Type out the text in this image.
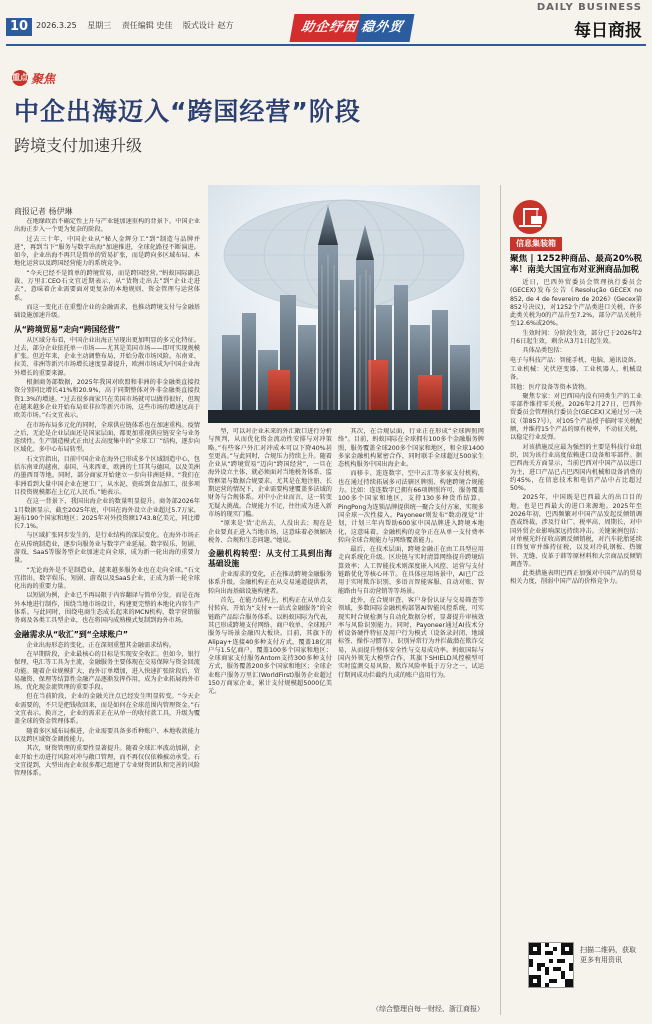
10 2026.3.25 星期三 责任编辑 史佳 版式设计 赵方	助企纾困稳外贸
DAILY BUSINESS
每日商报
重点 聚焦
中企出海迈入“跨国经营”阶段
跨境支付加速升级
商报记者 杨伊琳
信息集装箱

在地缘政治不确定性上升与产业链加速重构的背景下，中国企业出海正步入一个更为复杂的阶段。

过去三十年，中国企业从“秘人金辉分工”到“制造与品牌并进”，再到当下“服务与数字出海”加速推进，全球化路径不断演进。如今，企业出海不再只是简单的贸易扩张，而是跨向多区域布局、本地化运营以及跨国经营能力的系统竞争。

“今天已经不是简单的跨境贸易，而是跨国经营。”蚂蚁国际副总裁、万里汇CEO石文宜近期表示，从“货物走出去”到“企业走进去”，意味着企业需要面对更复杂的本地规则、资金管理与运营体系。

而这一变化正在重塑企业的金融需求，也推动跨境支付与金融基础设施加速升级。

从“跨境贸易”走向“跨国经营”

从区域分布看，中国企业出海正呈现出更加明显的多元化特征。过去，部分企业依托单一市场——尤其是美国市场——即可实现规模扩张。但近年来，企业主动调整布局，开始分散市场风险。东南亚、拉美、非洲等新兴市场增长速度显著提升，欧洲市场成为中国企业海外增长的重要来源。

根据商务部数据，2025年我国对欧盟和非洲的非金融类直接投资分别同比增长41%和20.9%，高于同期整体对外非金融类直接投资1.3%的增速。“过去很多商家只在美国市场就可以做得很好，但现在越来越多企业开始布局亚非拉等新兴市场，这些市场的增速远高于欧美市场。”石文宜表示。

在市场布局多元化的同时，全球供应链体系也在加速重构。疫情之后，无论是企业层面还是国家层面，都更加重视供应链安全与业务连续性。生产制造模式正由过去高度集中的“全球工厂”结构，逐步向区域化、多中心布局转型。

石文宜指出，目前中国企业在海外已形成多个区域制造中心，包括东南亚的越南、泰国、马来西亚，欧洲的土耳其与德国，以及美洲的墨西哥等地。同时，部分商家开始建立一步向非洲延伸。“我们在非洲看到大量中国企业在建工厂，从水泥、瓷砖到食品加工，很多项目投资规模都在上亿元人民币。”她表示。

在这一背景下，我国出海企业的数量明显提升。商务部2026年1月数据显示，截至2025年底，中国在海外设立企业超过5.7万家，遍布190个国家和地区；2025年对外投资额1743.8亿美元，同比增长7.1%。

与区域扩张同步发生的，是行业结构的深层变化。在海外市场正在从传统制造业，逐步向服务业与数字产业延展。数字娱乐、短剧、游戏、SaaS等服务型企业加速走向全球，成为新一轮出海的重要力量。

“无论海外是不是制造业，越来越多服务业也在走向全球。”石文宜指出，数字娱乐、短剧、游戏以及SaaS企业，正成为新一轮全球化出海的重要力量。

以短剧为例，企业已不再局限于内容翻译与简单分发，而是在海外本地进行制作，围绕当地市场设计，构建更完整的本地化内容生产体系。与此同时，围绕电商生态成长起来的MCN机构、数字营销服务商及各类工具型企业，也在将国内成熟模式复制到海外市场。

金融需求从“收汇”到“全球账户”

企业出海形态的变化，正在深刻重塑其金融需求结构。

在早期阶段，企业最核心的目标是实现安全收汇。但如今，银行保理、电汇等工具为主流，金融服务主要体现在交易保障与资金回流功能。随着企业规模扩大、海外订单增加，进入快速扩张阶段后，贸易融资、保理等结算性金融产品逐渐发挥作用，成为企业拓展海外市场、优化现金流管理的重要手段。

但在当前阶段，企业的金融关注点已经发生明显转变。“今天企业需要的，不只是把钱收回来，而是如何在全球范围内管理资金。”石文宜表示。换言之，企业的需求正在从单一的收付款工具，升级为覆盖全球的资金管理体系。

随着多区域布局推进，企业需要具备多币种账户、本地收款能力以及跨区域资金调拨能力。

其次，财资管理的重要性显著提升。随着全球汇率波动加剧，企业开始主动进行风险对冲与敞口管理，而不再仅仅依赖被动承受。石文宜提到，大型出海企业很多都已组建了专业财资团队和完善的风险管理体系。

型，可以对企业未来的外汇敞口进行分析与预判，从而优化资金流动性安排与对冲策略。”有些客户外汇对冲成本可以下降40%甚至更高。”与此同时，合规压力持续上升。随着企业从“跨境贸易”迈向“跨国经营”，一旦在海外设立主体，就必须面对当地税务体系、监管框架与数据合规要求。尤其是在地注册、长期运营的情况下，企业需要构建覆盖多法域的财务与合规体系。对中小企业而言，这一转变无疑大挑战。合规能力不足，往往成为进入新市场的现实门槛。

“原来是‘货’走出去，人没出去；现在是企业要真正进入当地市场，这意味着必须解决税务、合规和生态问题。”她说。

金融机构转型：从支付工具到出海基础设施

企业需求的变化，正在推动跨境金融服务体系升级。金融机构正在从交易通道提供者，转向出海基础设施构建者。

首先，在能力结构上，机构正在从单点支付转向，开始为“支付+一站式金融服务”的全链路产品综合服务体系。以蚂蚁国际为代表，其已形成跨境支付网络、商户收单、全球账户服务与场景金融四大板块。目前，其旗下的Alipay+连接40多种支付方式，覆盖18亿用户与1.5亿商户，覆盖100多个国家和地区；全球商家支付服务Antom支持300多种支付方式，服务覆盖200多个国家和地区；全球企业账户服务万里汇(WorldFirst)服务企业超过150万商家企业，累计支付规模超5000亿美元。

其次，在合规层面，行业正在形成“全球牌照网络”。目前，蚂蚁国际在全球拥有100多个金融服务牌照，服务覆盖全球200多个国家和地区，和全球1400多家金融机构紧密合作，同时联手全球超过500家生态机构服务中国出海企业。

而移卡、连连数字、空中云汇等多家支付机构，也在通过持续拓展多司法辖区牌照、构建跨境合规能力。比如：连连数字已拥有66项牌照许可，服务覆盖100多个国家和地区，支持130多种货币结算。PingPong为连锁品牌提供统一聚合支付方案，实现多国全球一次性接入。Payoneer则发布“数动视觉”计划，计划三年内帮助600家中国品牌进入跨境本地化，这意味着，金融机构的竞争正在从单一支付费率转向全球合规能力与网络覆盖能力。

最后，在技术层面，跨境金融正在由工具型应用走向系统化升级。区块链与实时清算网络提升跨境结算效率；人工智能技术则深度嵌入风控、运营与支付链路优化等核心环节。在具体应用场景中，AI已广泛用于实时欺诈识别、多语言智能客服、自动对账、智能路由与自动营销等等场景。

此外，在合规审查、客户身份认证与交易筛查等领域，多数国际金融机构部署AI智能风控系统，可实现实时合规检测与自动化数据分析，显著提升审核效率与风险识别能力。同时，Payoneer通过AI技术分析设备硬件特征及用户行为模式（设备录封闭、地域标签、操作习惯等），识别异常行为并拦截潜在欺诈交易，从而提升整体安全性与交易成功率。蚂蚁国际与国内外领先大模型合作，其旗下SHIELD风控模型可实时监测交易风险，欺诈风险率低于万分之一，试运行期间成功拦截约九成的账户盗用行为。

（综合整理自每一财经、浙江商报）
聚焦 | 1252种商品、最高20%税率！南美大国宣布对亚洲商品加税

近日，巴西外贸委员会管理执行委员会(GECEX)发布公告《Resolução GECEX no 852, de 4 de fevereiro de 2026》(Gecex第852号决议)，对1252个产品类进口关税，许多此类关税为0的产品升至7.2%，部分产品关税升至12.6%或20%。

生效时间：分阶段生效，部分已于2026年2月6日起生效，剩余从3月1日起生效。

具体品类包括：

电子与科技产品：智能手机、电脑、通讯设备。

工业机械：光伏逆变器、工业机器人、机械设备。

其他：医疗设备等资本货物。

聚焦专家：对巴西国内没有同类生产的工业零部件维持零关税。2026年2月27日，巴西外贸委员会管理执行委员会(GECEX)又通过另一决议（第857号），对105个产品授予临时零关税配额，并维持15个产品的原有税率，不动征关税，以稳定行业反弹。

对该措施反应最为强烈的主要是科技行业组织，因为该行业高度依赖进口设备和零部件。据巴西海关方面显示，当前巴西对中国产品以进口为主，进口产品已占巴西国内机械和设备消费的约45%，在信息技术和电信产品中占比超过50%。

2025年，中国既是巴西最大的出口目的地，也是巴西最大的进口来源地。2025年至2026年初，巴西频繁对中国产品发起反倾销调查或终裁，涉及行业广、税率高、周期长，对中国外贸企业影响深远持续冲击。关键案例包括：对单模光纤征收高额反倾销税，对汽车轮胎延续日终复审并维持征税，以及对冷轧钢板、热镀锌、无缝、皮革于韩等原材料和大宗商品反倾销调查等。

此类措施表明巴西正加强对中国产品的贸易相关力度，削弱中国产品的价格竞争力。

扫描二维码，获取更多有用资讯
